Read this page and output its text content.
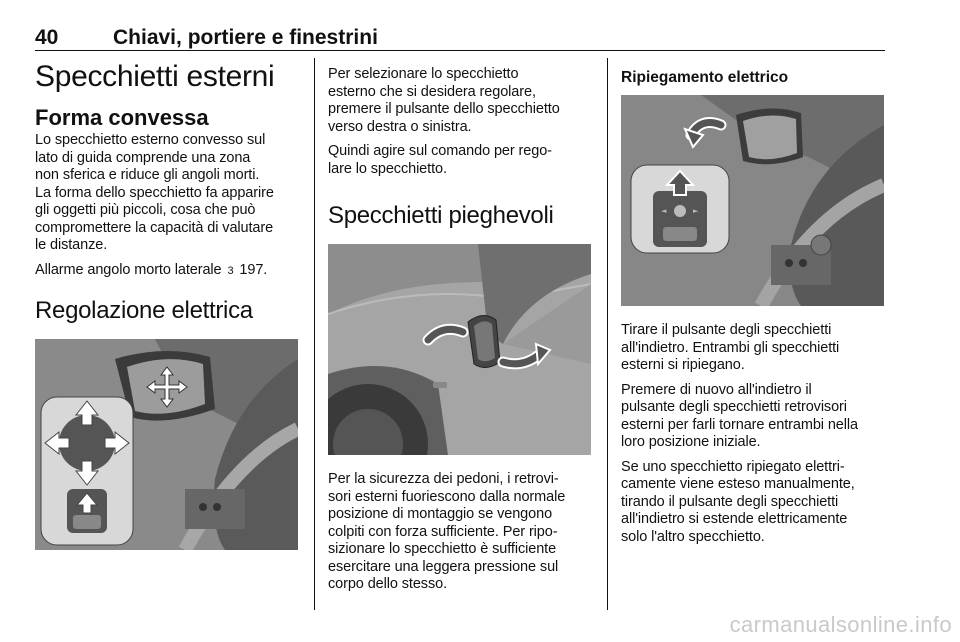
40	Chiavi, portiere e finestrini
Specchietti esterni
Forma convessa

Lo specchietto esterno convesso sul

lato di guida comprende una zona

non sferica e riduce gli angoli morti.

La forma dello specchietto fa apparire

gli oggetti più piccoli, cosa che può

compromettere la capacità di valutare

le distanze.

Allarme angolo morto laterale 3 197.

Regolazione elettrica

Per selezionare lo specchietto

esterno che si desidera regolare,

premere il pulsante dello specchietto

verso destra o sinistra.

Quindi agire sul comando per rego-

lare lo specchietto.

Specchietti pieghevoli

Per la sicurezza dei pedoni, i retrovi-

sori esterni fuoriescono dalla normale

posizione di montaggio se vengono

colpiti con forza sufficiente. Per ripo-

sizionare lo specchietto è sufficiente

esercitare una leggera pressione sul

corpo dello stesso.

Ripiegamento elettrico
◄	►

Tirare il pulsante degli specchietti

all'indietro. Entrambi gli specchietti

esterni si ripiegano.

Premere di nuovo all'indietro il

pulsante degli specchietti retrovisori

esterni per farli tornare entrambi nella

loro posizione iniziale.

Se uno specchietto ripiegato elettri-

camente viene esteso manualmente,

tirando il pulsante degli specchietti

all'indietro si estende elettricamente

solo l'altro specchietto.

carmanualsonline.info
